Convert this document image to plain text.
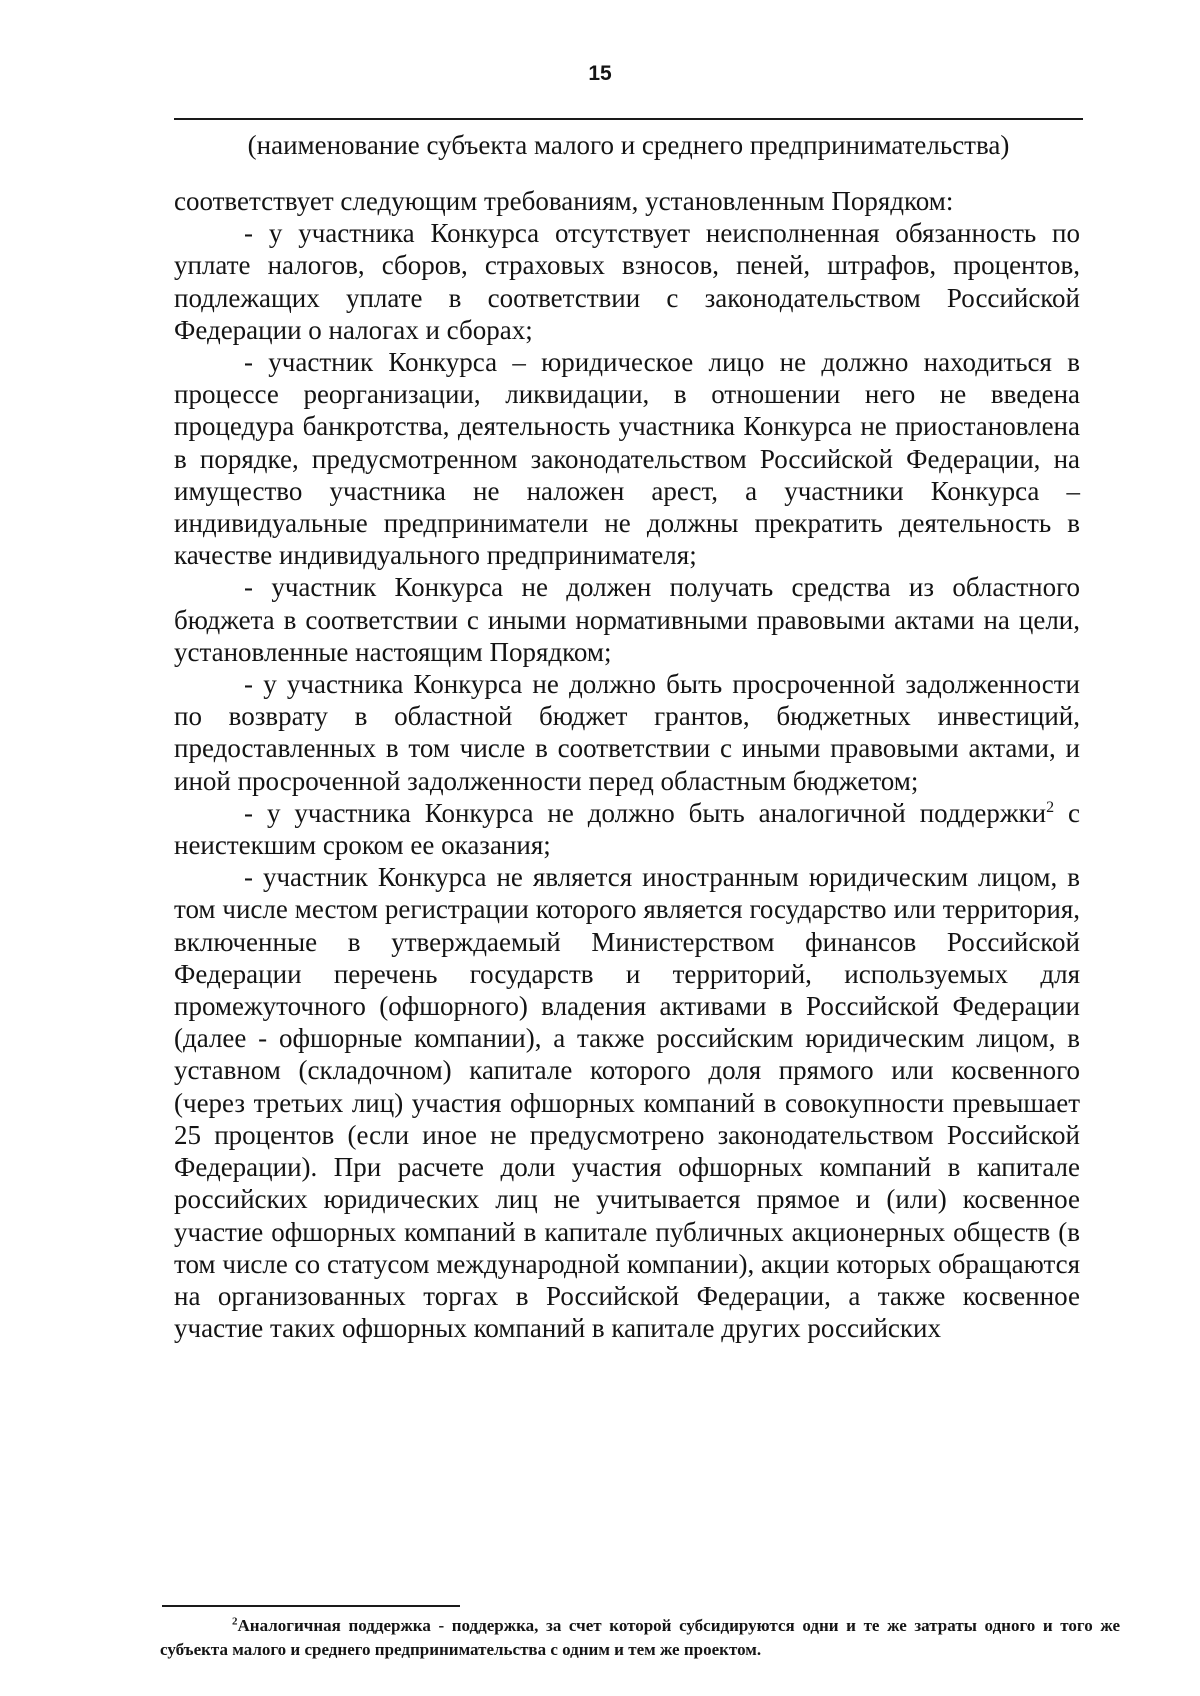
15
(наименование субъекта малого и среднего предпринимательства)

соответствует следующим требованиям, установленным Порядком:

- у участника Конкурса отсутствует неисполненная обязанность по уплате налогов, сборов, страховых взносов, пеней, штрафов, процентов, подлежащих уплате в соответствии с законодательством Российской Федерации о налогах и сборах;

- участник Конкурса – юридическое лицо не должно находиться в процессе реорганизации, ликвидации, в отношении него не введена процедура банкротства, деятельность участника Конкурса не приостановлена в порядке, предусмотренном законодательством Российской Федерации, на имущество участника не наложен арест, а участники Конкурса – индивидуальные предприниматели не должны прекратить деятельность в качестве индивидуального предпринимателя;

- участник Конкурса не должен получать средства из областного бюджета в соответствии с иными нормативными правовыми актами на цели, установленные настоящим Порядком;

- у участника Конкурса не должно быть просроченной задолженности по возврату в областной бюджет грантов, бюджетных инвестиций, предоставленных в том числе в соответствии с иными правовыми актами, и иной просроченной задолженности перед областным бюджетом;

- у участника Конкурса не должно быть аналогичной поддержки$^2$ с неистекшим сроком ее оказания;

- участник Конкурса не является иностранным юридическим лицом, в том числе местом регистрации которого является государство или территория, включенные в утверждаемый Министерством финансов Российской Федерации перечень государств и территорий, используемых для промежуточного (офшорного) владения активами в Российской Федерации (далее - офшорные компании), а также российским юридическим лицом, в уставном (складочном) капитале которого доля прямого или косвенного (через третьих лиц) участия офшорных компаний в совокупности превышает 25 процентов (если иное не предусмотрено законодательством Российской Федерации). При расчете доли участия офшорных компаний в капитале российских юридических лиц не учитывается прямое и (или) косвенное участие офшорных компаний в капитале публичных акционерных обществ (в том числе со статусом международной компании), акции которых обращаются на организованных торгах в Российской Федерации, а также косвенное участие таких офшорных компаний в капитале других российских

$^2$Аналогичная поддержка - поддержка, за счет которой субсидируются одни и те же затраты одного и того же субъекта малого и среднего предпринимательства с одним и тем же проектом.
